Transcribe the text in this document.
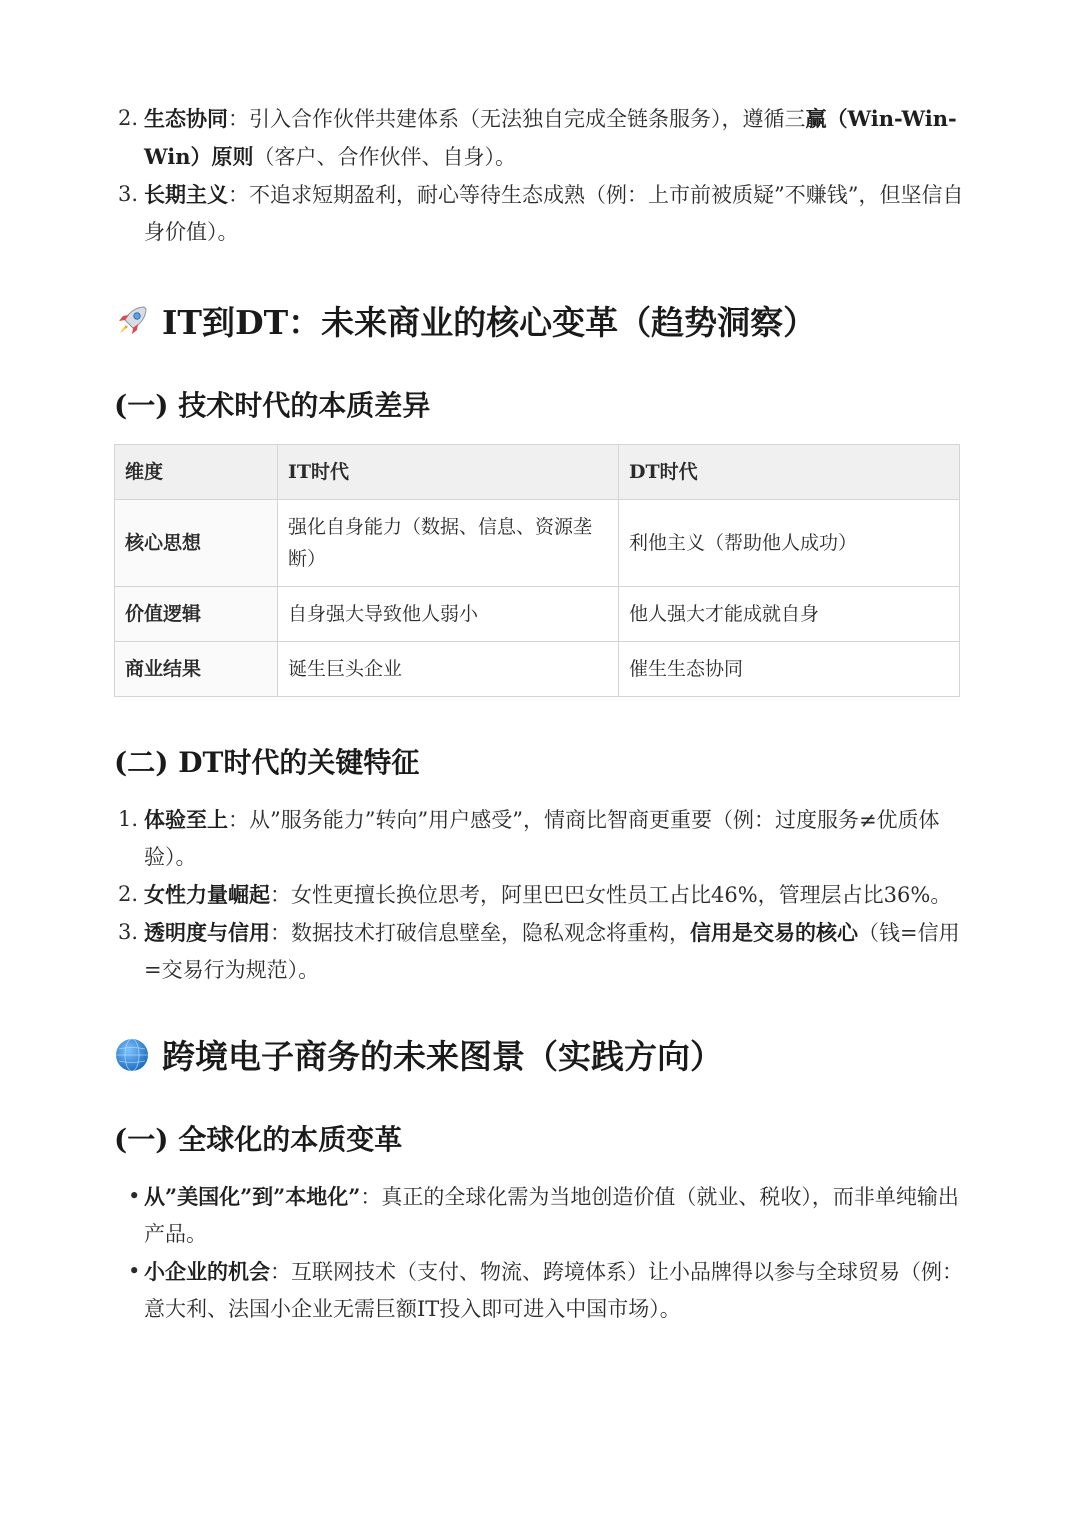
2. 生态协同：引入合作伙伴共建体系（无法独自完成全链条服务），遵循三赢（Win-Win-Win）原则（客户、合作伙伴、自身）。
3. 长期主义：不追求短期盈利，耐心等待生态成熟（例：上市前被质疑”不赚钱”，但坚信自身价值）。
IT到DT：未来商业的核心变革（趋势洞察）
(一) 技术时代的本质差异
维度	IT时代	DT时代
核心思想	强化自身能力（数据、信息、资源垄断）	利他主义（帮助他人成功）
价值逻辑	自身强大导致他人弱小	他人强大才能成就自身
商业结果	诞生巨头企业	催生生态协同
(二) DT时代的关键特征
1. 体验至上：从”服务能力”转向”用户感受”，情商比智商更重要（例：过度服务≠优质体验）。
2. 女性力量崛起：女性更擅长换位思考，阿里巴巴女性员工占比46%，管理层占比36%。
3. 透明度与信用：数据技术打破信息壁垒，隐私观念将重构，信用是交易的核心（钱=信用=交易行为规范）。
跨境电子商务的未来图景（实践方向）
(一) 全球化的本质变革
• 从”美国化”到”本地化”：真正的全球化需为当地创造价值（就业、税收），而非单纯输出产品。
• 小企业的机会：互联网技术（支付、物流、跨境体系）让小品牌得以参与全球贸易（例：意大利、法国小企业无需巨额IT投入即可进入中国市场）。
